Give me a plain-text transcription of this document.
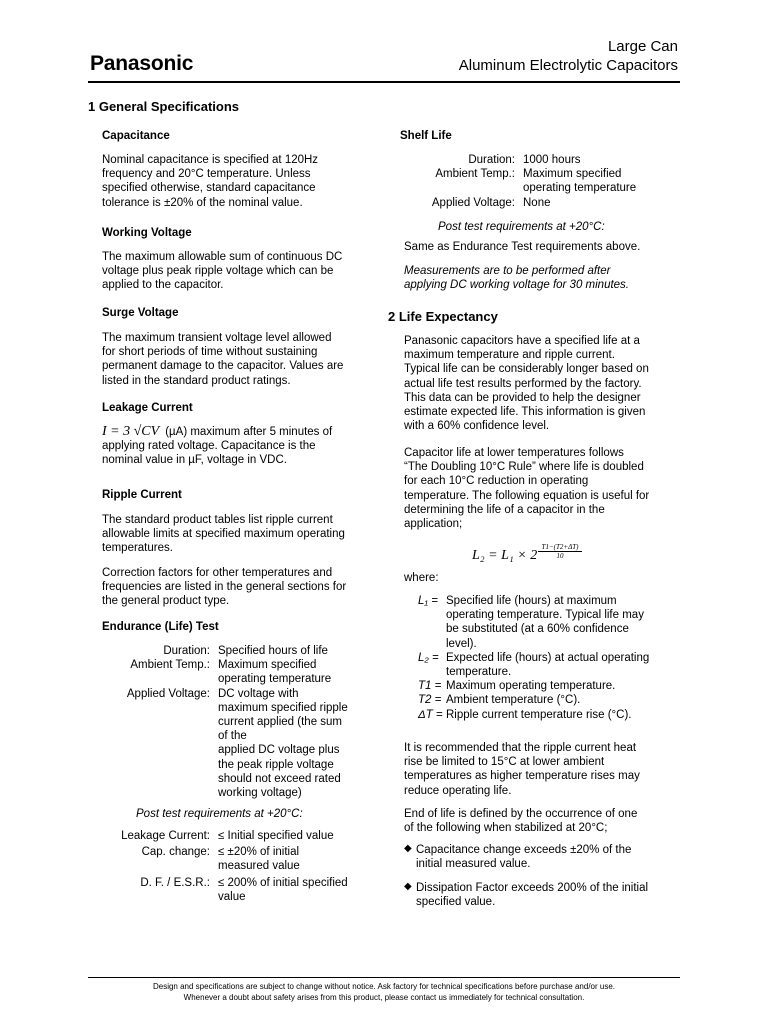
Panasonic
Large Can
Aluminum Electrolytic Capacitors
1 General Specifications
Capacitance
Nominal capacitance is specified at 120Hz
frequency and 20°C temperature. Unless
specified otherwise, standard capacitance
tolerance is ±20% of the nominal value.
Working Voltage
The maximum allowable sum of continuous DC
voltage plus peak ripple voltage which can be
applied to the capacitor.
Surge Voltage
The maximum transient voltage level allowed
for short periods of time without sustaining
permanent damage to the capacitor. Values are
listed in the standard product ratings.
Leakage Current
I = 3 √CV (µA) maximum after 5 minutes of
applying rated voltage. Capacitance is the
nominal value in µF, voltage in VDC.
Ripple Current
The standard product tables list ripple current
allowable limits at specified maximum operating
temperatures.
Correction factors for other temperatures and
frequencies are listed in the general sections for
the general product type.
Endurance (Life) Test
Duration: Specified hours of life
Ambient Temp.: Maximum specified
operating temperature
Applied Voltage: DC voltage with
maximum specified ripple
current applied (the sum
of the
applied DC voltage plus
the peak ripple voltage
should not exceed rated
working voltage)
Post test requirements at +20°C:
Leakage Current: ≤ Initial specified value
Cap. change: ≤ ±20% of initial
measured value
D. F. / E.S.R.: ≤ 200% of initial specified
value
Shelf Life
Duration: 1000 hours
Ambient Temp.: Maximum specified
operating temperature
Applied Voltage: None
Post test requirements at +20°C:
Same as Endurance Test requirements above.
Measurements are to be performed after
applying DC working voltage for 30 minutes.
2 Life Expectancy
Panasonic capacitors have a specified life at a
maximum temperature and ripple current.
Typical life can be considerably longer based on
actual life test results performed by the factory.
This data can be provided to help the designer
estimate expected life. This information is given
with a 60% confidence level.
Capacitor life at lower temperatures follows
“The Doubling 10°C Rule” where life is doubled
for each 10°C reduction in operating
temperature. The following equation is useful for
determining the life of a capacitor in the
application;
$L_2 = L_1 \times 2 \frac{T1-(T2+\Delta T)}{10}$
where:
L₁ = Specified life (hours) at maximum
operating temperature. Typical life may
be substituted (at a 60% confidence
level).
L₂ = Expected life (hours) at actual operating
temperature.
T1 = Maximum operating temperature.
T2 = Ambient temperature (°C).
ΔT = Ripple current temperature rise (°C).
It is recommended that the ripple current heat
rise be limited to 15°C at lower ambient
temperatures as higher temperature rises may
reduce operating life.
End of life is defined by the occurrence of one
of the following when stabilized at 20°C;
◆ Capacitance change exceeds ±20% of the
initial measured value.
◆ Dissipation Factor exceeds 200% of the initial
specified value.
Design and specifications are subject to change without notice. Ask factory for technical specifications before purchase and/or use.
Whenever a doubt about safety arises from this product, please contact us immediately for technical consultation.
